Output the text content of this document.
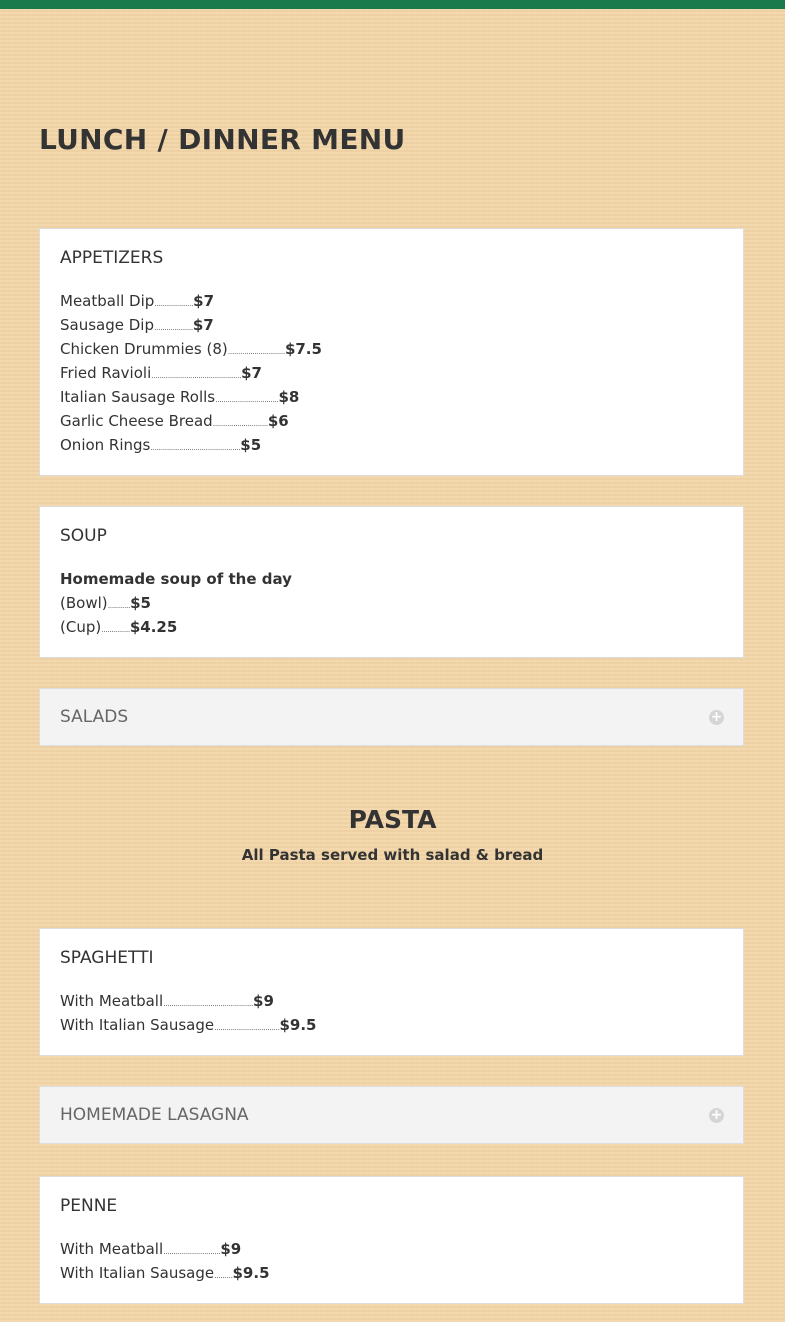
LUNCH / DINNER MENU
APPETIZERS
Meatball Dip...................$7
Sausage Dip...................$7
Chicken Drummies (8)............................$7.5
Fried Ravioli............................................$7
Italian Sausage Rolls...............................$8
Garlic Cheese Bread...........................$6
Onion Rings............................................$5
SOUP
Homemade soup of the day
(Bowl)...........$5
(Cup)..............$4.25
SALADS	+
PASTA
All Pasta served with salad & bread
SPAGHETTI
With Meatball............................................$9
With Italian Sausage................................$9.5
HOMEMADE LASAGNA	+
PENNE
With Meatball............................$9
With Italian Sausage.........$9.5
